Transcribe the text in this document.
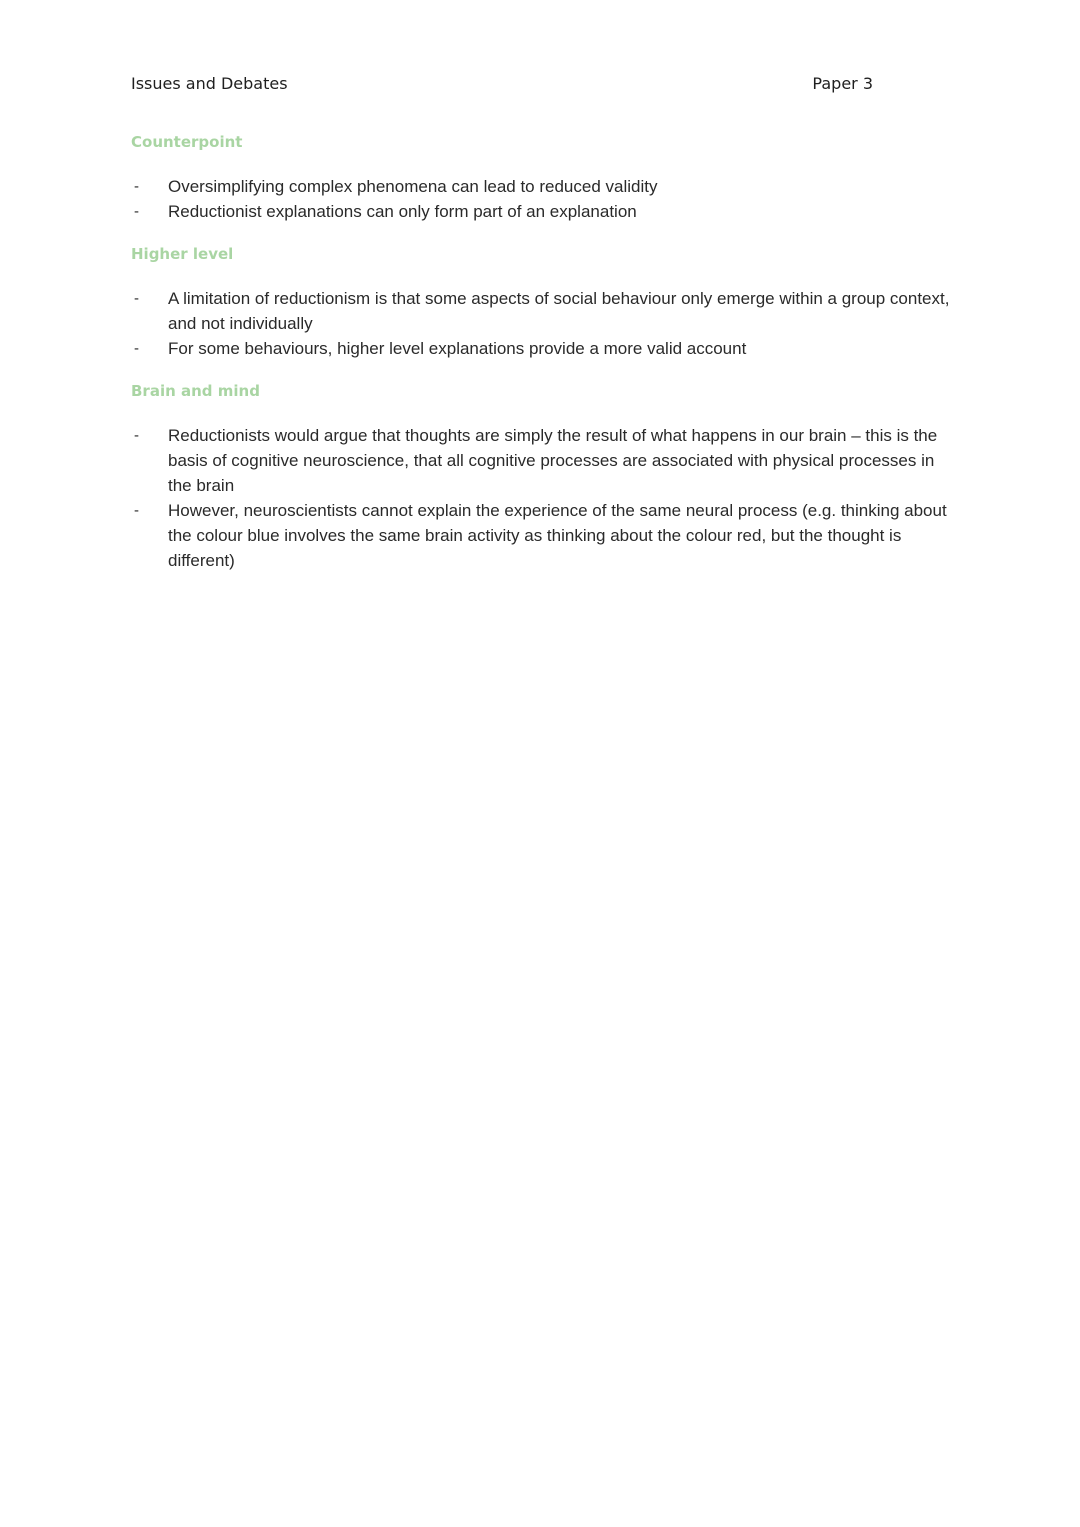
Issues and Debates	Paper 3
Counterpoint
- Oversimplifying complex phenomena can lead to reduced validity
- Reductionist explanations can only form part of an explanation
Higher level
- A limitation of reductionism is that some aspects of social behaviour only emerge within a group context, and not individually
- For some behaviours, higher level explanations provide a more valid account
Brain and mind
- Reductionists would argue that thoughts are simply the result of what happens in our brain – this is the basis of cognitive neuroscience, that all cognitive processes are associated with physical processes in the brain
- However, neuroscientists cannot explain the experience of the same neural process (e.g. thinking about the colour blue involves the same brain activity as thinking about the colour red, but the thought is different)
